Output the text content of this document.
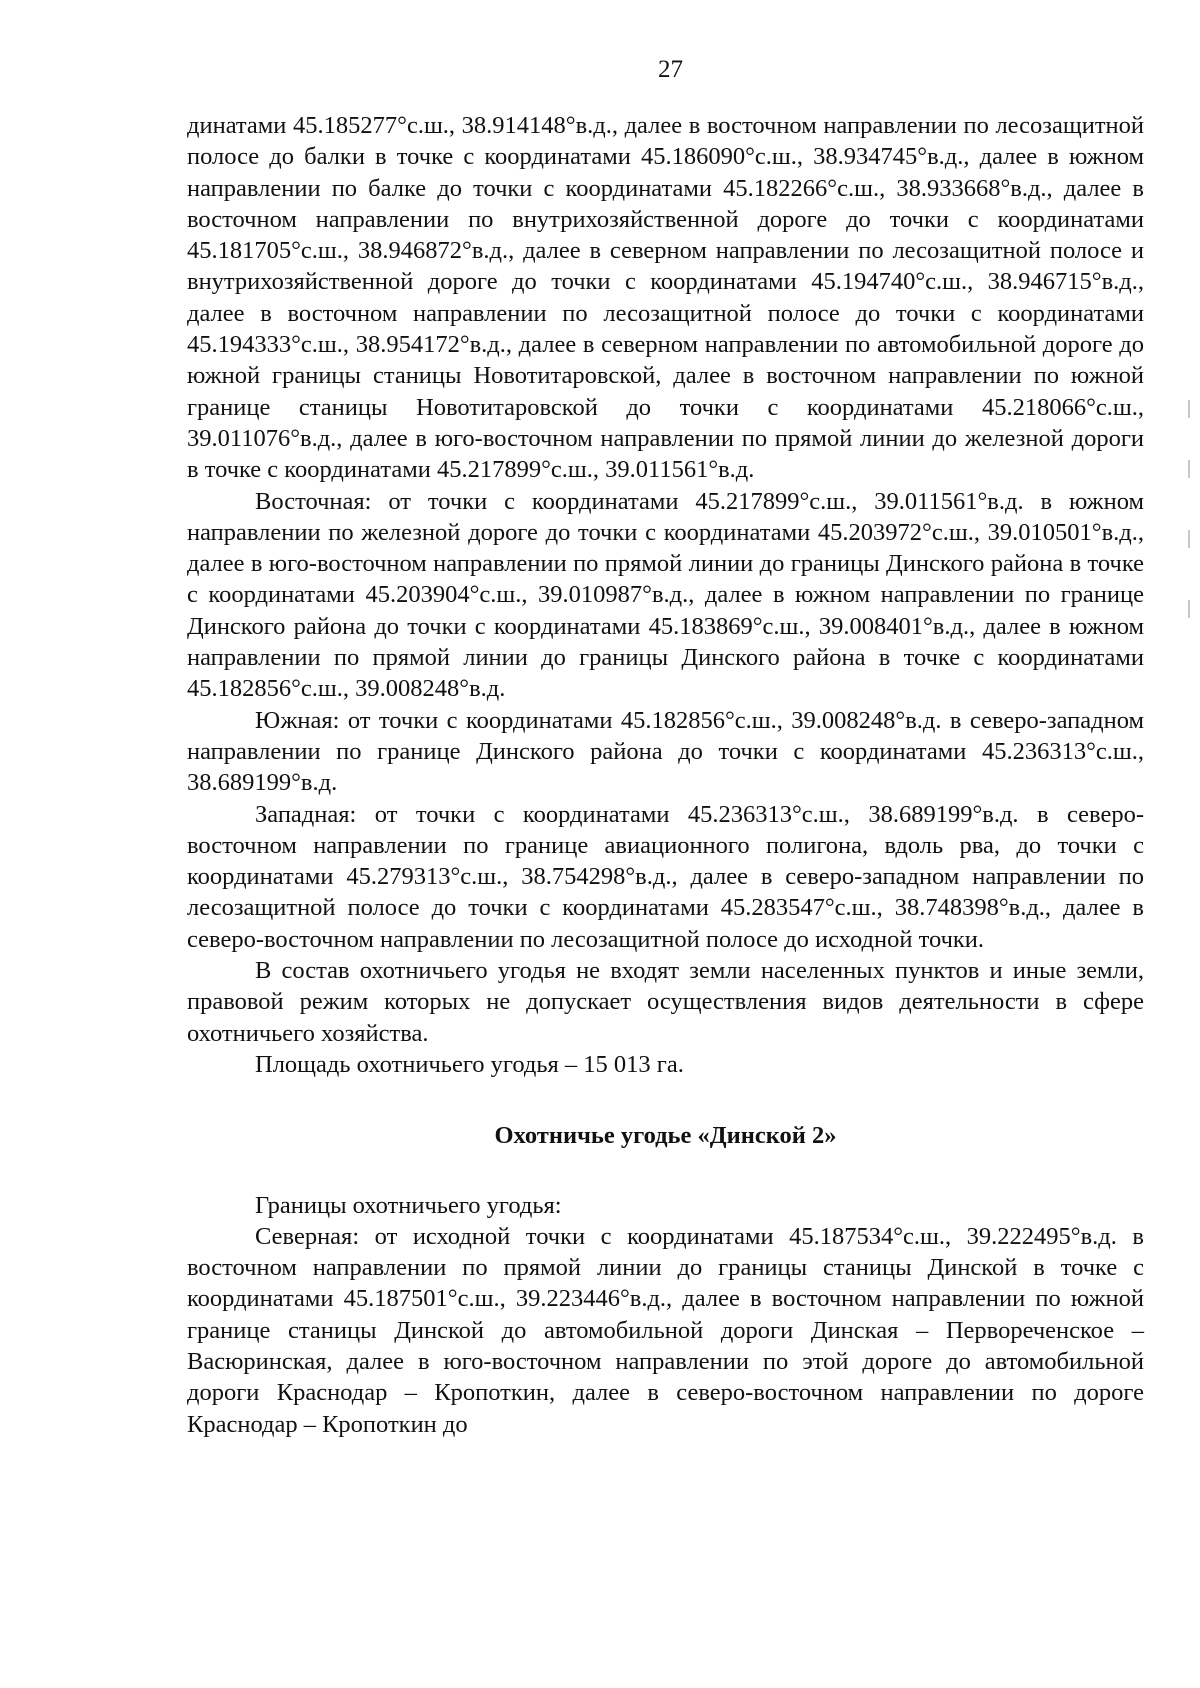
27

динатами 45.185277°с.ш., 38.914148°в.д., далее в восточном направлении по лесозащитной полосе до балки в точке с координатами 45.186090°с.ш., 38.934745°в.д., далее в южном направлении по балке до точки с координатами 45.182266°с.ш., 38.933668°в.д., далее в восточном направлении по внутрихозяйственной дороге до точки с координатами 45.181705°с.ш., 38.946872°в.д., далее в северном направлении по лесозащитной полосе и внутрихозяйственной дороге до точки с координатами 45.194740°с.ш., 38.946715°в.д., далее в восточном направлении по лесозащитной полосе до точки с координатами 45.194333°с.ш., 38.954172°в.д., далее в северном направлении по автомобильной дороге до южной границы станицы Новотитаровской, далее в восточном направлении по южной границе станицы Новотитаровской до точки с координатами 45.218066°с.ш., 39.011076°в.д., далее в юго-восточном направлении по прямой линии до железной дороги в точке с координатами 45.217899°с.ш., 39.011561°в.д.

Восточная: от точки с координатами 45.217899°с.ш., 39.011561°в.д. в южном направлении по железной дороге до точки с координатами 45.203972°с.ш., 39.010501°в.д., далее в юго-восточном направлении по прямой линии до границы Динского района в точке с координатами 45.203904°с.ш., 39.010987°в.д., далее в южном направлении по границе Динского района до точки с координатами 45.183869°с.ш., 39.008401°в.д., далее в южном направлении по прямой линии до границы Динского района в точке с координатами 45.182856°с.ш., 39.008248°в.д.

Южная: от точки с координатами 45.182856°с.ш., 39.008248°в.д. в северо-западном направлении по границе Динского района до точки с координатами 45.236313°с.ш., 38.689199°в.д.

Западная: от точки с координатами 45.236313°с.ш., 38.689199°в.д. в северо-восточном направлении по границе авиационного полигона, вдоль рва, до точки с координатами 45.279313°с.ш., 38.754298°в.д., далее в северо-западном направлении по лесозащитной полосе до точки с координатами 45.283547°с.ш., 38.748398°в.д., далее в северо-восточном направлении по лесозащитной полосе до исходной точки.

В состав охотничьего угодья не входят земли населенных пунктов и иные земли, правовой режим которых не допускает осуществления видов деятельности в сфере охотничьего хозяйства.

Площадь охотничьего угодья – 15 013 га.

Охотничье угодье «Динской 2»

Границы охотничьего угодья:

Северная: от исходной точки с координатами 45.187534°с.ш., 39.222495°в.д. в восточном направлении по прямой линии до границы станицы Динской в точке с координатами 45.187501°с.ш., 39.223446°в.д., далее в восточном направлении по южной границе станицы Динской до автомобильной дороги Динская – Первореченское – Васюринская, далее в юго-восточном направлении по этой дороге до автомобильной дороги Краснодар – Кропоткин, далее в северо-восточном направлении по дороге Краснодар – Кропоткин до
